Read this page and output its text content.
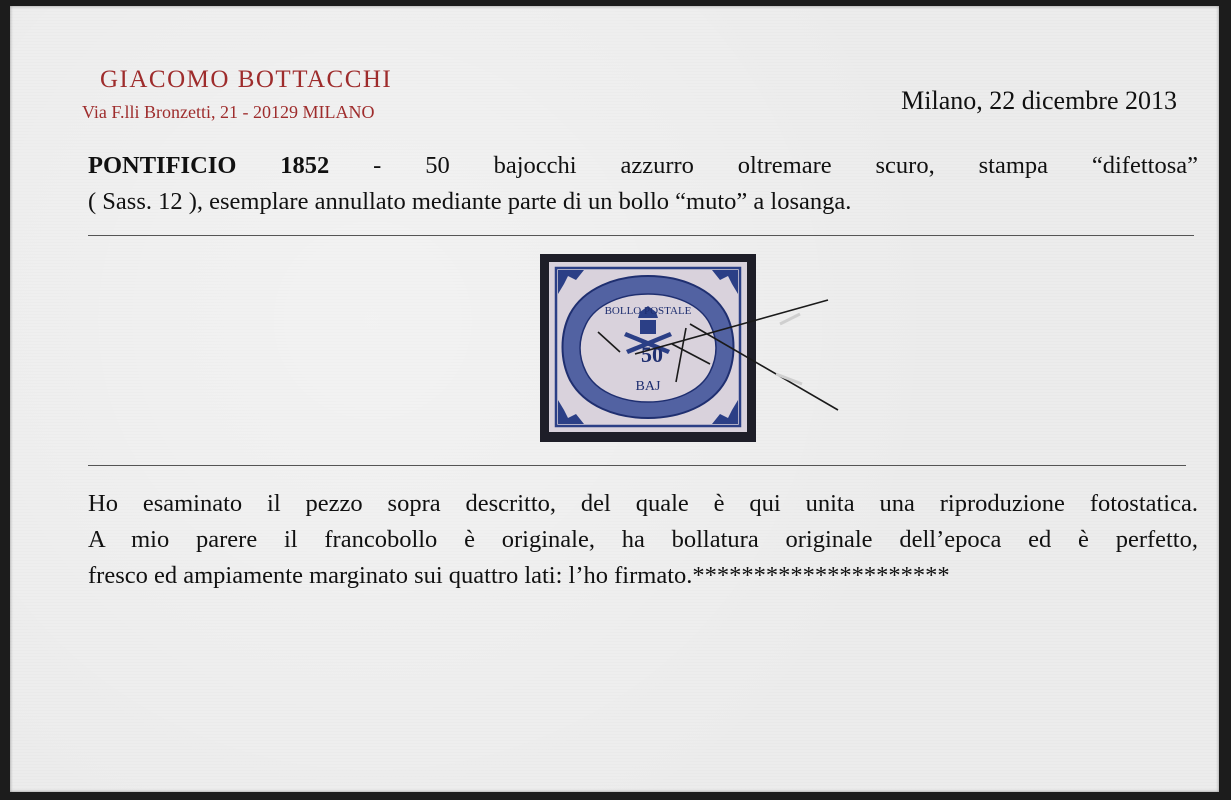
GIACOMO BOTTACCHI
Via F.lli Bronzetti, 21 - 20129 MILANO	Milano, 22 dicembre 2013
PONTIFICIO 1852 - 50 bajocchi azzurro oltremare scuro, stampa “difettosa”
( Sass. 12 ), esemplare annullato mediante parte di un bollo “muto” a losanga.
BOLLO POSTALE
50
BAJ
Ho esaminato il pezzo sopra descritto, del quale è qui unita una riproduzione fotostatica.
A mio parere il francobollo è originale, ha bollatura originale dell’epoca ed è perfetto,
fresco ed ampiamente marginato sui quattro lati: l’ho firmato.*********************
